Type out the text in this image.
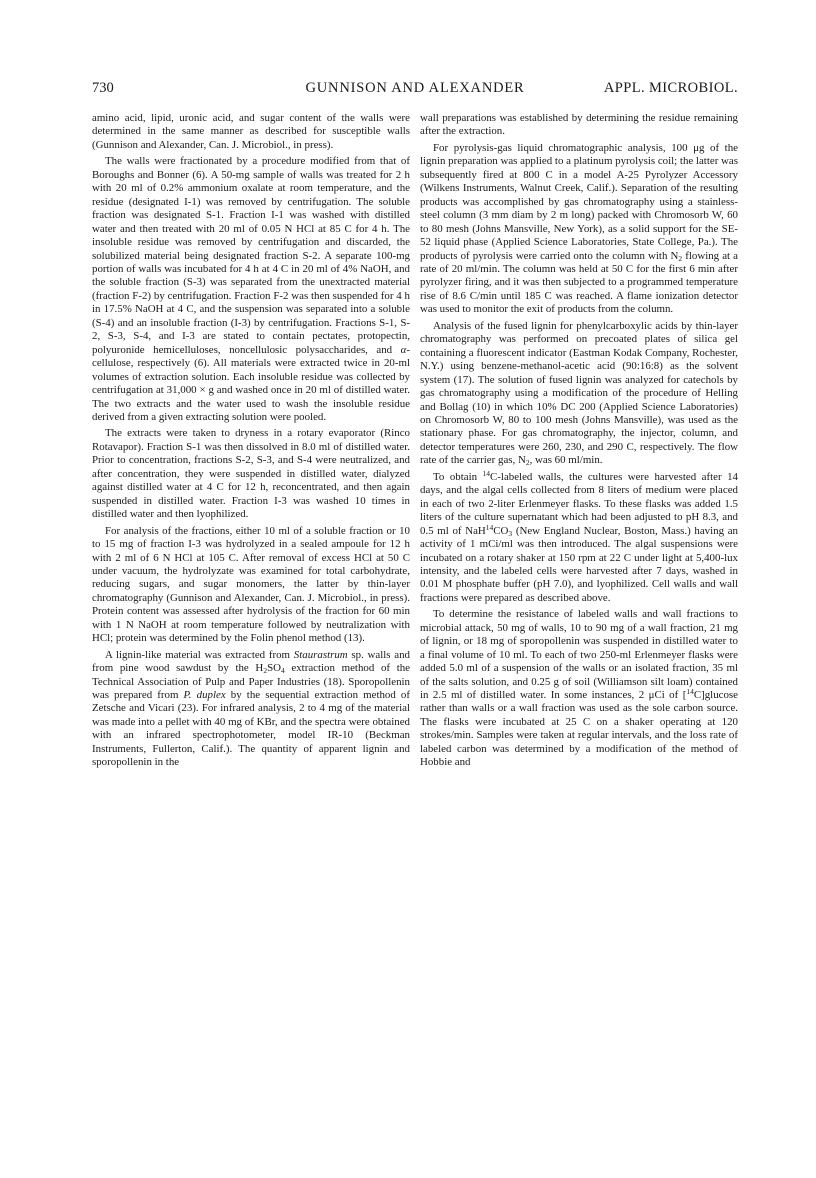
730	GUNNISON AND ALEXANDER	APPL. MICROBIOL.

amino acid, lipid, uronic acid, and sugar content of the walls were determined in the same manner as described for susceptible walls (Gunnison and Alexander, Can. J. Microbiol., in press).

The walls were fractionated by a procedure modified from that of Boroughs and Bonner (6). A 50-mg sample of walls was treated for 2 h with 20 ml of 0.2% ammonium oxalate at room temperature, and the residue (designated I-1) was removed by centrifugation. The soluble fraction was designated S-1. Fraction I-1 was washed with distilled water and then treated with 20 ml of 0.05 N HCl at 85 C for 4 h. The insoluble residue was removed by centrifugation and discarded, the solubilized material being designated fraction S-2. A separate 100-mg portion of walls was incubated for 4 h at 4 C in 20 ml of 4% NaOH, and the soluble fraction (S-3) was separated from the unextracted material (fraction F-2) by centrifugation. Fraction F-2 was then suspended for 4 h in 17.5% NaOH at 4 C, and the suspension was separated into a soluble (S-4) and an insoluble fraction (I-3) by centrifugation. Fractions S-1, S-2, S-3, S-4, and I-3 are stated to contain pectates, protopectin, polyuronide hemicelluloses, noncellulosic polysaccharides, and α-cellulose, respectively (6). All materials were extracted twice in 20-ml volumes of extraction solution. Each insoluble residue was collected by centrifugation at 31,000 × g and washed once in 20 ml of distilled water. The two extracts and the water used to wash the insoluble residue derived from a given extracting solution were pooled.

The extracts were taken to dryness in a rotary evaporator (Rinco Rotavapor). Fraction S-1 was then dissolved in 8.0 ml of distilled water. Prior to concentration, fractions S-2, S-3, and S-4 were neutralized, and after concentration, they were suspended in distilled water, dialyzed against distilled water at 4 C for 12 h, reconcentrated, and then again suspended in distilled water. Fraction I-3 was washed 10 times in distilled water and then lyophilized.

For analysis of the fractions, either 10 ml of a soluble fraction or 10 to 15 mg of fraction I-3 was hydrolyzed in a sealed ampoule for 12 h with 2 ml of 6 N HCl at 105 C. After removal of excess HCl at 50 C under vacuum, the hydrolyzate was examined for total carbohydrate, reducing sugars, and sugar monomers, the latter by thin-layer chromatography (Gunnison and Alexander, Can. J. Microbiol., in press). Protein content was assessed after hydrolysis of the fraction for 60 min with 1 N NaOH at room temperature followed by neutralization with HCl; protein was determined by the Folin phenol method (13).

A lignin-like material was extracted from Staurastrum sp. walls and from pine wood sawdust by the $H_2SO_4$ extraction method of the Technical Association of Pulp and Paper Industries (18). Sporopollenin was prepared from P. duplex by the sequential extraction method of Zetsche and Vicari (23). For infrared analysis, 2 to 4 mg of the material was made into a pellet with 40 mg of KBr, and the spectra were obtained with an infrared spectrophotometer, model IR-10 (Beckman Instruments, Fullerton, Calif.). The quantity of apparent lignin and sporopollenin in the

wall preparations was established by determining the residue remaining after the extraction.

For pyrolysis-gas liquid chromatographic analysis, 100 μg of the lignin preparation was applied to a platinum pyrolysis coil; the latter was subsequently fired at 800 C in a model A-25 Pyrolyzer Accessory (Wilkens Instruments, Walnut Creek, Calif.). Separation of the resulting products was accomplished by gas chromatography using a stainless-steel column (3 mm diam by 2 m long) packed with Chromosorb W, 60 to 80 mesh (Johns Mansville, New York), as a solid support for the SE-52 liquid phase (Applied Science Laboratories, State College, Pa.). The products of pyrolysis were carried onto the column with $N_2$ flowing at a rate of 20 ml/min. The column was held at 50 C for the first 6 min after pyrolyzer firing, and it was then subjected to a programmed temperature rise of 8.6 C/min until 185 C was reached. A flame ionization detector was used to monitor the exit of products from the column.

Analysis of the fused lignin for phenylcarboxylic acids by thin-layer chromatography was performed on precoated plates of silica gel containing a fluorescent indicator (Eastman Kodak Company, Rochester, N.Y.) using benzene-methanol-acetic acid (90:16:8) as the solvent system (17). The solution of fused lignin was analyzed for catechols by gas chromatography using a modification of the procedure of Helling and Bollag (10) in which 10% DC 200 (Applied Science Laboratories) on Chromosorb W, 80 to 100 mesh (Johns Mansville), was used as the stationary phase. For gas chromatography, the injector, column, and detector temperatures were 260, 230, and 290 C, respectively. The flow rate of the carrier gas, $N_2$, was 60 ml/min.

To obtain $^{14}$C-labeled walls, the cultures were harvested after 14 days, and the algal cells collected from 8 liters of medium were placed in each of two 2-liter Erlenmeyer flasks. To these flasks was added 1.5 liters of the culture supernatant which had been adjusted to pH 8.3, and 0.5 ml of $NaH^{14}CO_3$ (New England Nuclear, Boston, Mass.) having an activity of 1 mCi/ml was then introduced. The algal suspensions were incubated on a rotary shaker at 150 rpm at 22 C under light at 5,400-lux intensity, and the labeled cells were harvested after 7 days, washed in 0.01 M phosphate buffer (pH 7.0), and lyophilized. Cell walls and wall fractions were prepared as described above.

To determine the resistance of labeled walls and wall fractions to microbial attack, 50 mg of walls, 10 to 90 mg of a wall fraction, 21 mg of lignin, or 18 mg of sporopollenin was suspended in distilled water to a final volume of 10 ml. To each of two 250-ml Erlenmeyer flasks were added 5.0 ml of a suspension of the walls or an isolated fraction, 35 ml of the salts solution, and 0.25 g of soil (Williamson silt loam) contained in 2.5 ml of distilled water. In some instances, 2 μCi of [$^{14}$C]glucose rather than walls or a wall fraction was used as the sole carbon source. The flasks were incubated at 25 C on a shaker operating at 120 strokes/min. Samples were taken at regular intervals, and the loss rate of labeled carbon was determined by a modification of the method of Hobbie and
